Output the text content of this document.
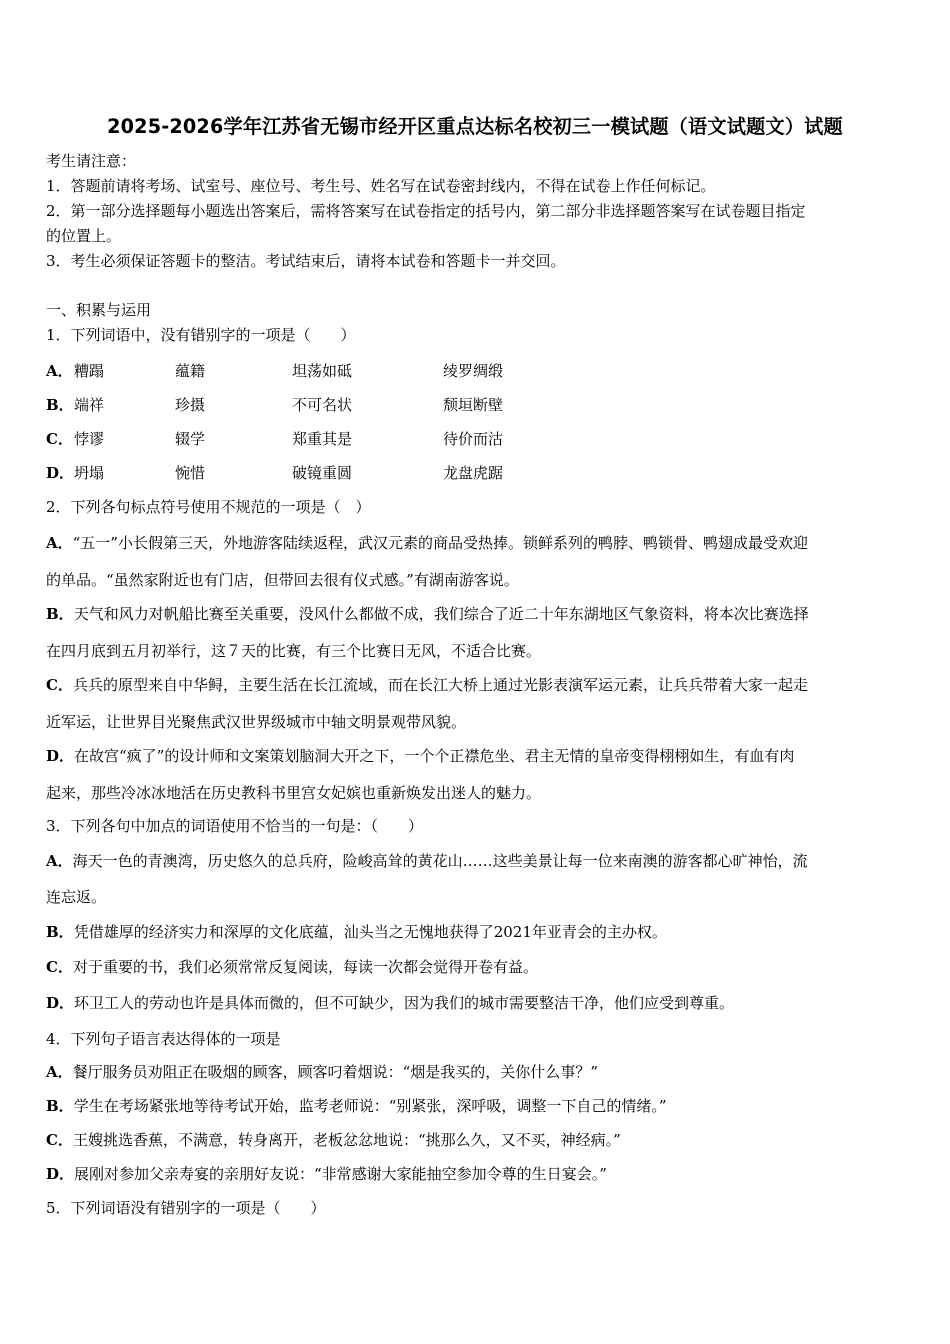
2025-2026学年江苏省无锡市经开区重点达标名校初三一模试题（语文试题文）试题
考生请注意：
1．答题前请将考场、试室号、座位号、考生号、姓名写在试卷密封线内，不得在试卷上作任何标记。
2．第一部分选择题每小题选出答案后，需将答案写在试卷指定的括号内，第二部分非选择题答案写在试卷题目指定
的位置上。
3．考生必须保证答题卡的整洁。考试结束后，请将本试卷和答题卡一并交回。
一、积累与运用
1．下列词语中，没有错别字的一项是（　　）
A． 糟蹋	蕴籍	坦荡如砥	绫罗绸缎
B． 端祥	珍摄	不可名状	颓垣断壁
C． 悖谬	辍学	郑重其是	待价而沽
D． 坍塌	惋惜	破镜重圆	龙盘虎踞
2．下列各句标点符号使用不规范的一项是（　）
A．“五一”小长假第三天，外地游客陆续返程，武汉元素的商品受热捧。锁鲜系列的鸭脖、鸭锁骨、鸭翅成最受欢迎
的单品。“虽然家附近也有门店，但带回去很有仪式感。”有湖南游客说。
B．天气和风力对帆船比赛至关重要，没风什么都做不成，我们综合了近二十年东湖地区气象资料，将本次比赛选择
在四月底到五月初举行，这７天的比赛，有三个比赛日无风，不适合比赛。
C．兵兵的原型来自中华鲟，主要生活在长江流域，而在长江大桥上通过光影表演军运元素，让兵兵带着大家一起走
近军运，让世界目光聚焦武汉世界级城市中轴文明景观带风貌。
D．在故宫“疯了”的设计师和文案策划脑洞大开之下，一个个正襟危坐、君主无情的皇帝变得栩栩如生，有血有肉
起来，那些冷冰冰地活在历史教科书里宫女妃嫔也重新焕发出迷人的魅力。
3．下列各句中加点的词语使用不恰当的一句是：（　　）
A．海天一色的青澳湾，历史悠久的总兵府，险峻高耸的黄花山……这些美景让每一位来南澳的游客都心旷神怡，流
连忘返。
B．凭借雄厚的经济实力和深厚的文化底蕴，汕头当之无愧地获得了2021年亚青会的主办权。
C．对于重要的书，我们必须常常反复阅读，每读一次都会觉得开卷有益。
D．环卫工人的劳动也许是具体而微的，但不可缺少，因为我们的城市需要整洁干净，他们应受到尊重。
4．下列句子语言表达得体的一项是
A．餐厅服务员劝阻正在吸烟的顾客，顾客叼着烟说：“烟是我买的，关你什么事？”
B．学生在考场紧张地等待考试开始，监考老师说：“别紧张，深呼吸，调整一下自己的情绪。”
C．王嫂挑选香蕉，不满意，转身离开，老板忿忿地说：“挑那么久，又不买，神经病。”
D．展刚对参加父亲寿宴的亲朋好友说：“非常感谢大家能抽空参加令尊的生日宴会。”
5．下列词语没有错别字的一项是（　　）
